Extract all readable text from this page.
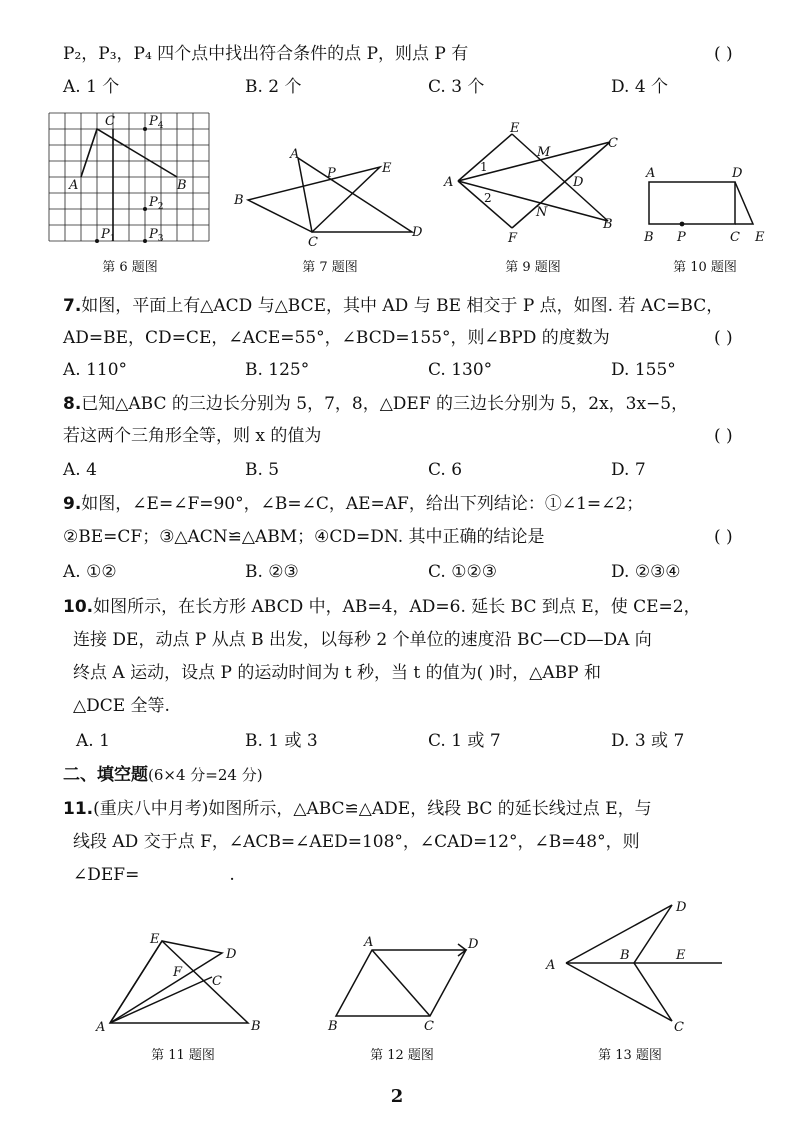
P₂，P₃，P₄ 四个点中找出符合条件的点 P，则点 P 有	( )
A. 1 个	B. 2 个	C. 3 个	D. 4 个
C	$P_4$
A	B
$P_2$
$P_1$	$P_3$
第 6 题图
A
P	E
B
C
D
第 7 题图
E
M
C
A
1
2
D
N
F
B
第 9 题图
A	D
B P	C E
第 10 题图
7.如图，平面上有△ACD 与△BCE，其中 AD 与 BE 相交于 P 点，如图. 若 AC=BC，
AD=BE，CD=CE，∠ACE=55°，∠BCD=155°，则∠BPD 的度数为	( )
A. 110°	B. 125°	C. 130°	D. 155°
8.已知△ABC 的三边长分别为 5，7，8，△DEF 的三边长分别为 5，2x，3x−5，
若这两个三角形全等，则 x 的值为	( )
A. 4	B. 5	C. 6	D. 7
9.如图，∠E=∠F=90°，∠B=∠C，AE=AF，给出下列结论：①∠1=∠2；
②BE=CF；③△ACN≌△ABM；④CD=DN. 其中正确的结论是	( )
A. ①②	B. ②③	C. ①②③	D. ②③④
10.如图所示，在长方形 ABCD 中，AB=4，AD=6. 延长 BC 到点 E，使 CE=2，
连接 DE，动点 P 从点 B 出发，以每秒 2 个单位的速度沿 BC—CD—DA 向
终点 A 运动，设点 P 的运动时间为 t 秒，当 t 的值为( )时，△ABP 和
△DCE 全等.
A. 1	B. 1 或 3	C. 1 或 7	D. 3 或 7
二、填空题(6×4 分=24 分)
11.(重庆八中月考)如图所示，△ABC≌△ADE，线段 BC 的延长线过点 E，与
线段 AD 交于点 F，∠ACB=∠AED=108°，∠CAD=12°，∠B=48°，则
∠DEF=	.
E
D
F
C
A	B
第 11 题图
A	D
B	C
第 12 题图
A
D
B	E
C
第 13 题图
2
